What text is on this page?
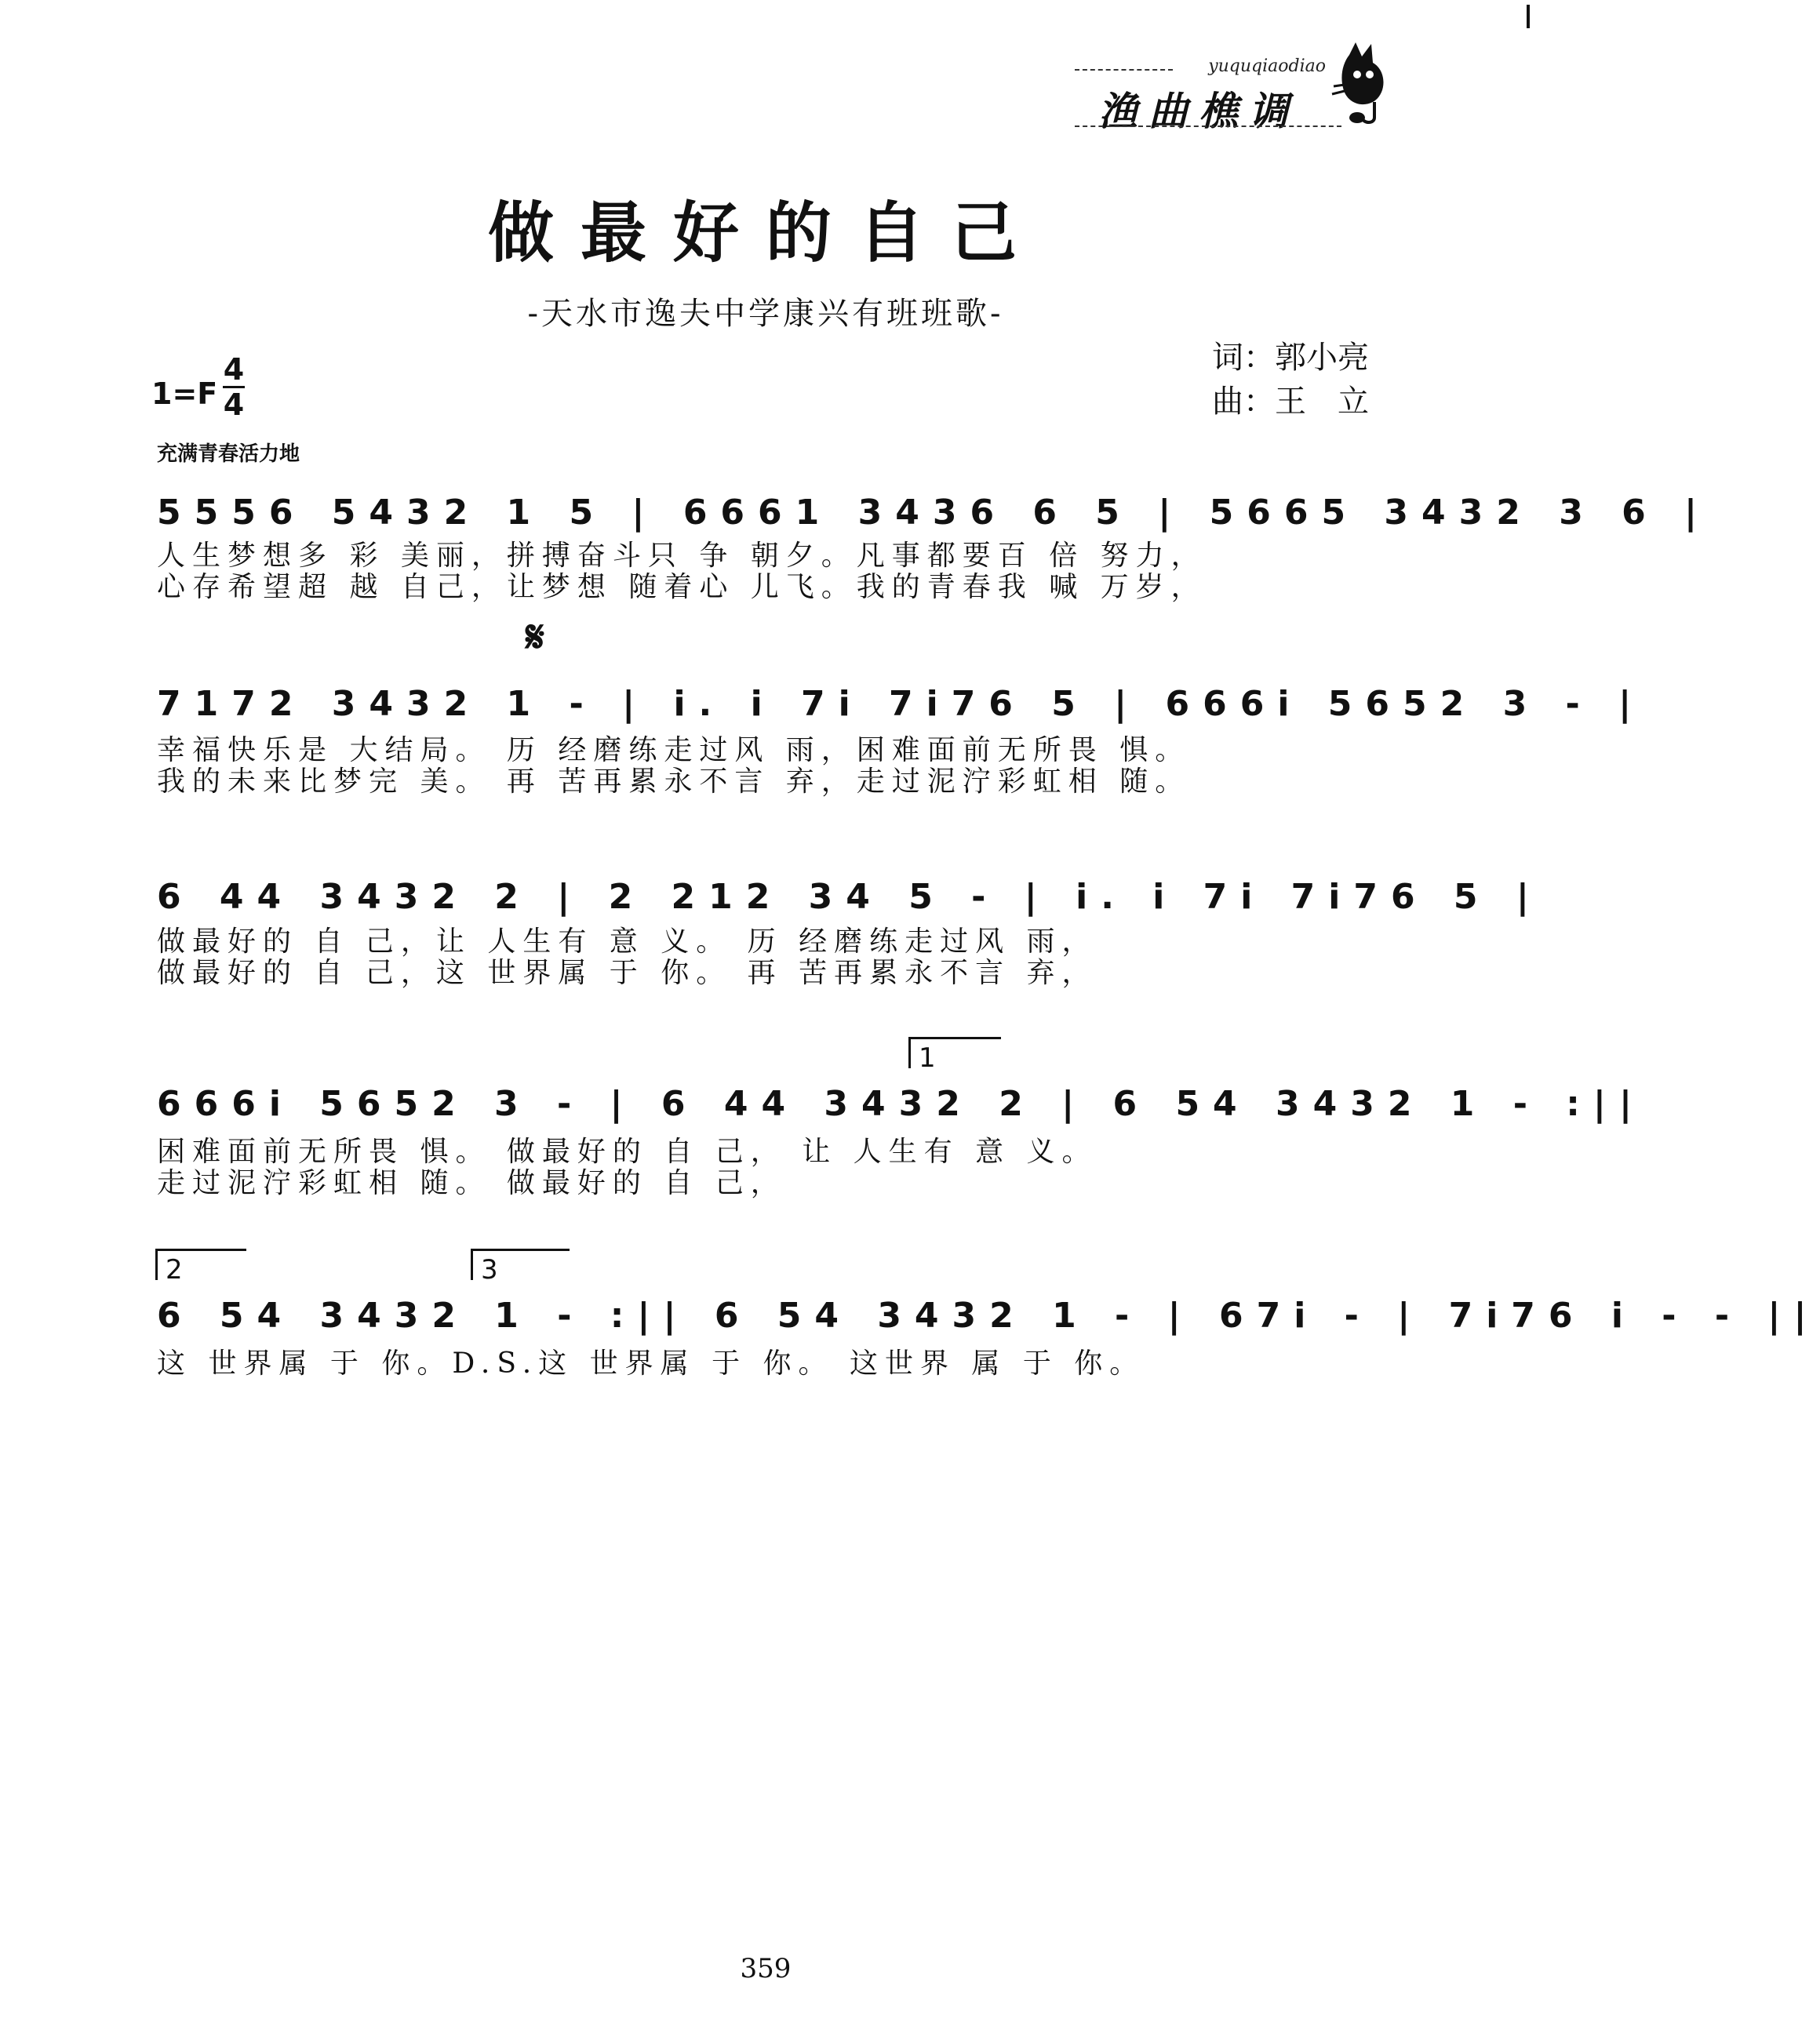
yuquqiaodiao
渔曲樵调
做最好的自己
-天水市逸夫中学康兴有班班歌-
词：郭小亮
曲：王　立
1=F
4
4
充满青春活力地
5556 5432 1 5 | 6661 3436 6 5 | 5665 3432 3 6 |
人生梦想多 彩 美丽，拼搏奋斗只 争 朝夕。凡事都要百 倍 努力，
心存希望超 越 自己，让梦想 随着心 儿飞。我的青春我 喊 万岁，
𝄋
7172 3432 1 - | i. i 7i 7i76 5 | 666i 5652 3 - |
幸福快乐是 大结局。 历 经磨练走过风 雨，困难面前无所畏 惧。
我的未来比梦完 美。 再 苦再累永不言 弃，走过泥泞彩虹相 随。
6 44 3432 2 | 2 212 34 5 - | i. i 7i 7i76 5 |
做最好的 自 己，让 人生有 意 义。 历 经磨练走过风 雨，
做最好的 自 己，这 世界属 于 你。 再 苦再累永不言 弃，
1
666i 5652 3 - | 6 44 3432 2 | 6 54 3432 1 - :||
困难面前无所畏 惧。 做最好的 自 己， 让 人生有 意 义。
走过泥泞彩虹相 随。 做最好的 自 己，
2	3
6 54 3432 1 - :|| 6 54 3432 1 - | 67i - | 7i76 i - - ||
这 世界属 于 你。D.S.这 世界属 于 你。 这世界 属 于 你。
359
